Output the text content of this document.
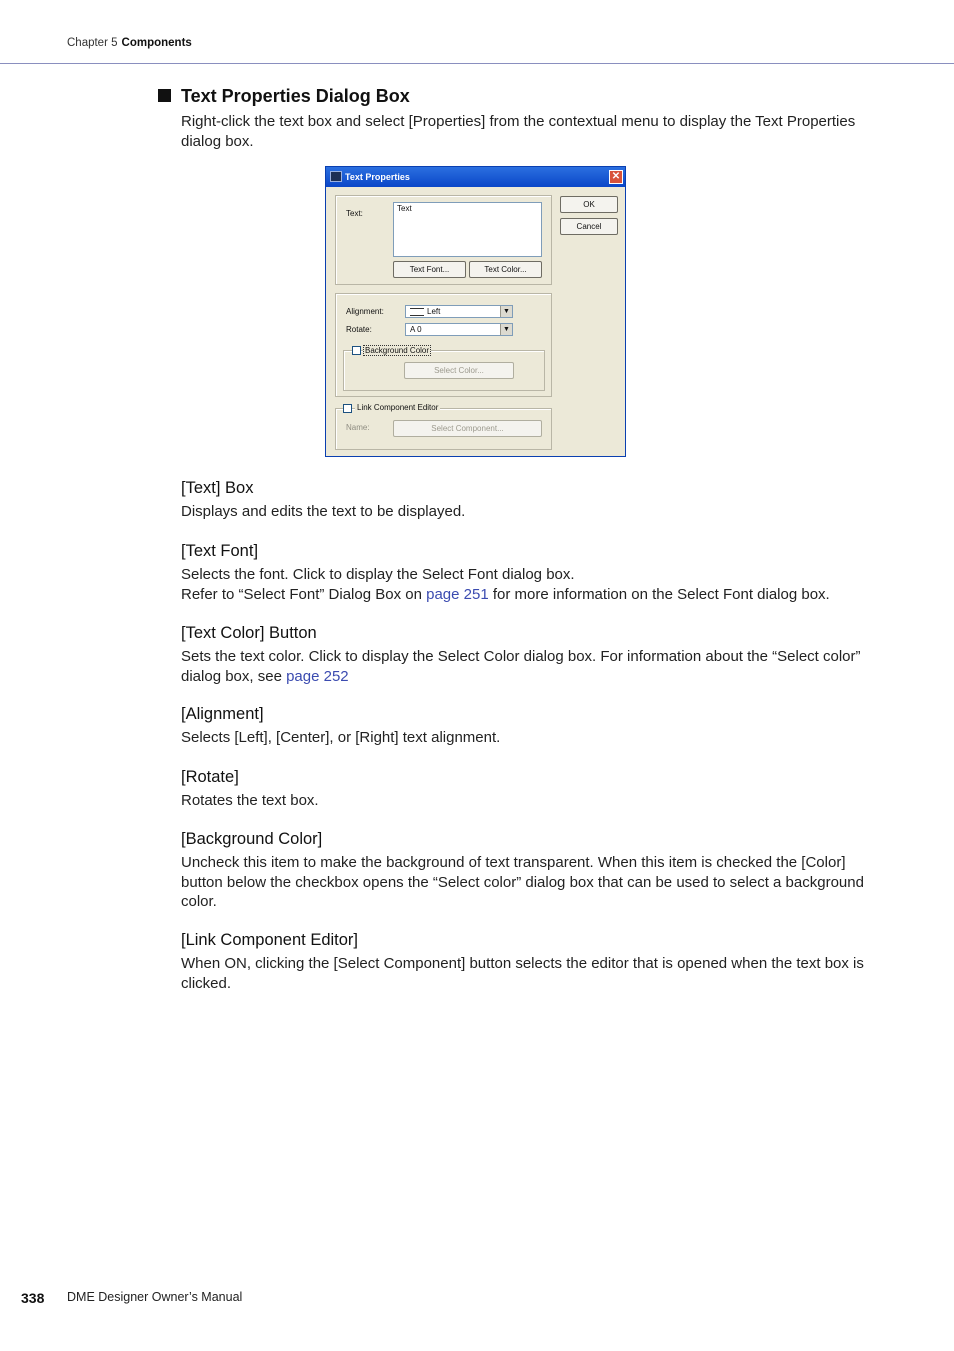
Chapter 5 Components
Text Properties Dialog Box
Right-click the text box and select [Properties] from the contextual menu to display the Text Properties dialog box.
Text Properties	✕
OK
Cancel
Text:
Text
Text Font...	Text Color...
Alignment:	Left	▼
Rotate:	A 0	▼
Background Color
Select Color...
Link Component Editor
Name:	Select Component...
[Text] Box
Displays and edits the text to be displayed.
[Text Font]
Selects the font. Click to display the Select Font dialog box.
Refer to “Select Font” Dialog Box on page 251 for more information on the Select Font dialog box.
[Text Color] Button
Sets the text color. Click to display the Select Color dialog box. For information about the “Select color” dialog box, see page 252
[Alignment]
Selects [Left], [Center], or [Right] text alignment.
[Rotate]
Rotates the text box.
[Background Color]
Uncheck this item to make the background of text transparent. When this item is checked the [Color] button below the checkbox opens the “Select color” dialog box that can be used to select a background color.
[Link Component Editor]
When ON, clicking the [Select Component] button selects the editor that is opened when the text box is clicked.
338 DME Designer Owner’s Manual
